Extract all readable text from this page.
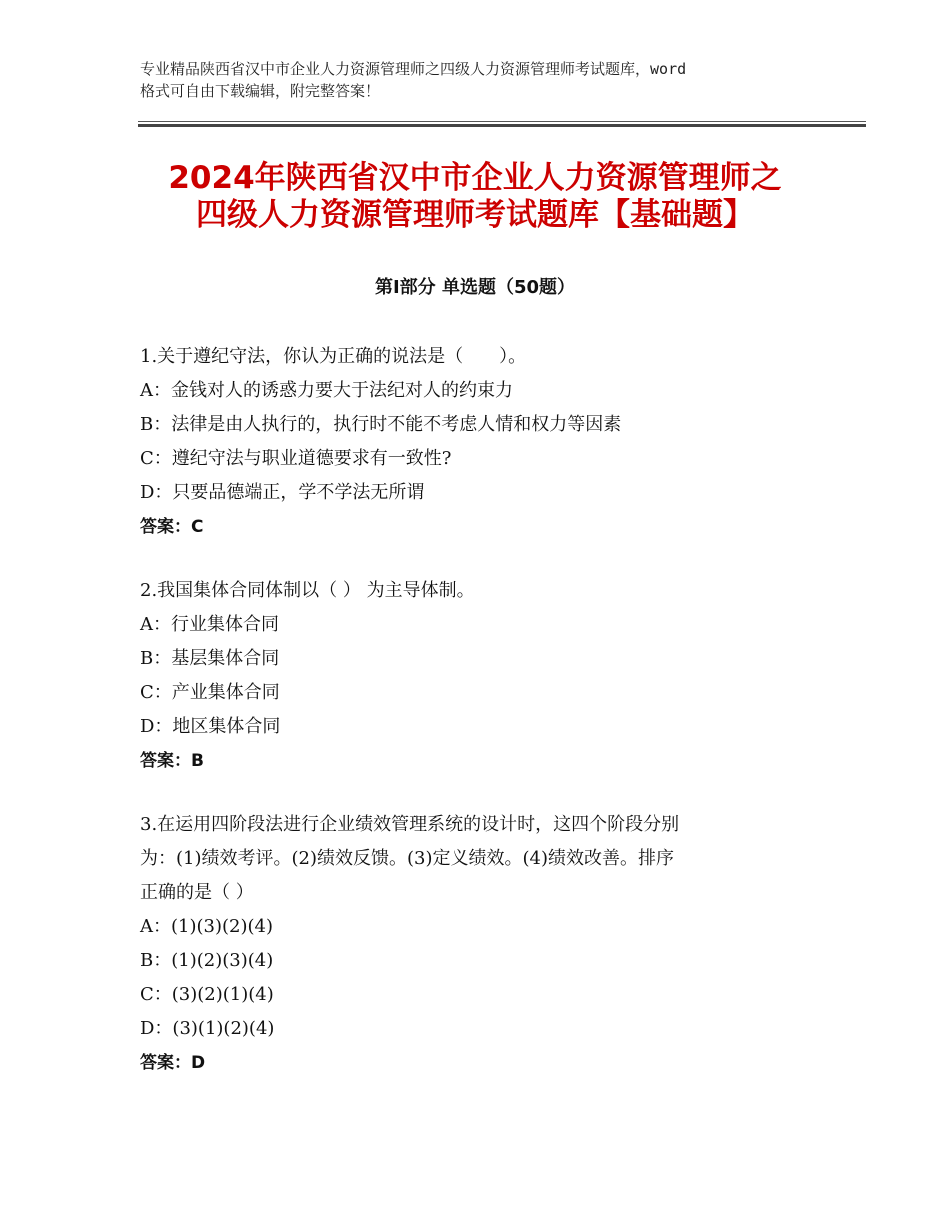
专业精品陕西省汉中市企业人力资源管理师之四级人力资源管理师考试题库，word
格式可自由下载编辑，附完整答案！
2024年陕西省汉中市企业人力资源管理师之
四级人力资源管理师考试题库【基础题】
第Ⅰ部分 单选题（50题）
1.关于遵纪守法，你认为正确的说法是（　　）。
A：金钱对人的诱惑力要大于法纪对人的约束力
B：法律是由人执行的，执行时不能不考虑人情和权力等因素
C：遵纪守法与职业道德要求有一致性?
D：只要品德端正，学不学法无所谓
答案：C
2.我国集体合同体制以（ ） 为主导体制。
A：行业集体合同
B：基层集体合同
C：产业集体合同
D：地区集体合同
答案：B
3.在运用四阶段法进行企业绩效管理系统的设计时，这四个阶段分别
为：(1)绩效考评。(2)绩效反馈。(3)定义绩效。(4)绩效改善。排序
正确的是（ ）
A：(1)(3)(2)(4)
B：(1)(2)(3)(4)
C：(3)(2)(1)(4)
D：(3)(1)(2)(4)
答案：D
